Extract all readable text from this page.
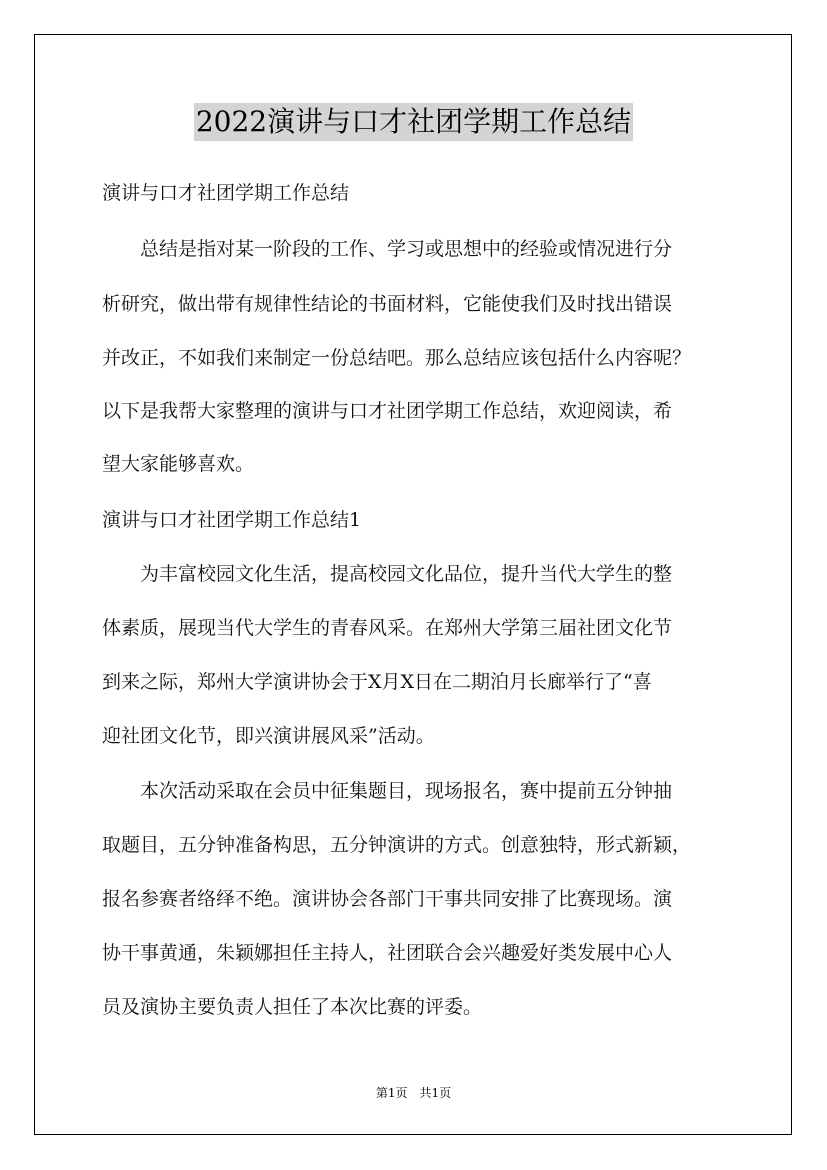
2022演讲与口才社团学期工作总结
演讲与口才社团学期工作总结
　　总结是指对某一阶段的工作、学习或思想中的经验或情况进行分
析研究，做出带有规律性结论的书面材料，它能使我们及时找出错误
并改正，不如我们来制定一份总结吧。那么总结应该包括什么内容呢？
以下是我帮大家整理的演讲与口才社团学期工作总结，欢迎阅读，希
望大家能够喜欢。
演讲与口才社团学期工作总结1
　　为丰富校园文化生活，提高校园文化品位，提升当代大学生的整
体素质，展现当代大学生的青春风采。在郑州大学第三届社团文化节
到来之际，郑州大学演讲协会于X月X日在二期泊月长廊举行了“喜
迎社团文化节，即兴演讲展风采”活动。
　　本次活动采取在会员中征集题目，现场报名，赛中提前五分钟抽
取题目，五分钟准备构思，五分钟演讲的方式。创意独特，形式新颖，
报名参赛者络绎不绝。演讲协会各部门干事共同安排了比赛现场。演
协干事黄通，朱颖娜担任主持人，社团联合会兴趣爱好类发展中心人
员及演协主要负责人担任了本次比赛的评委。
第1页　共1页
